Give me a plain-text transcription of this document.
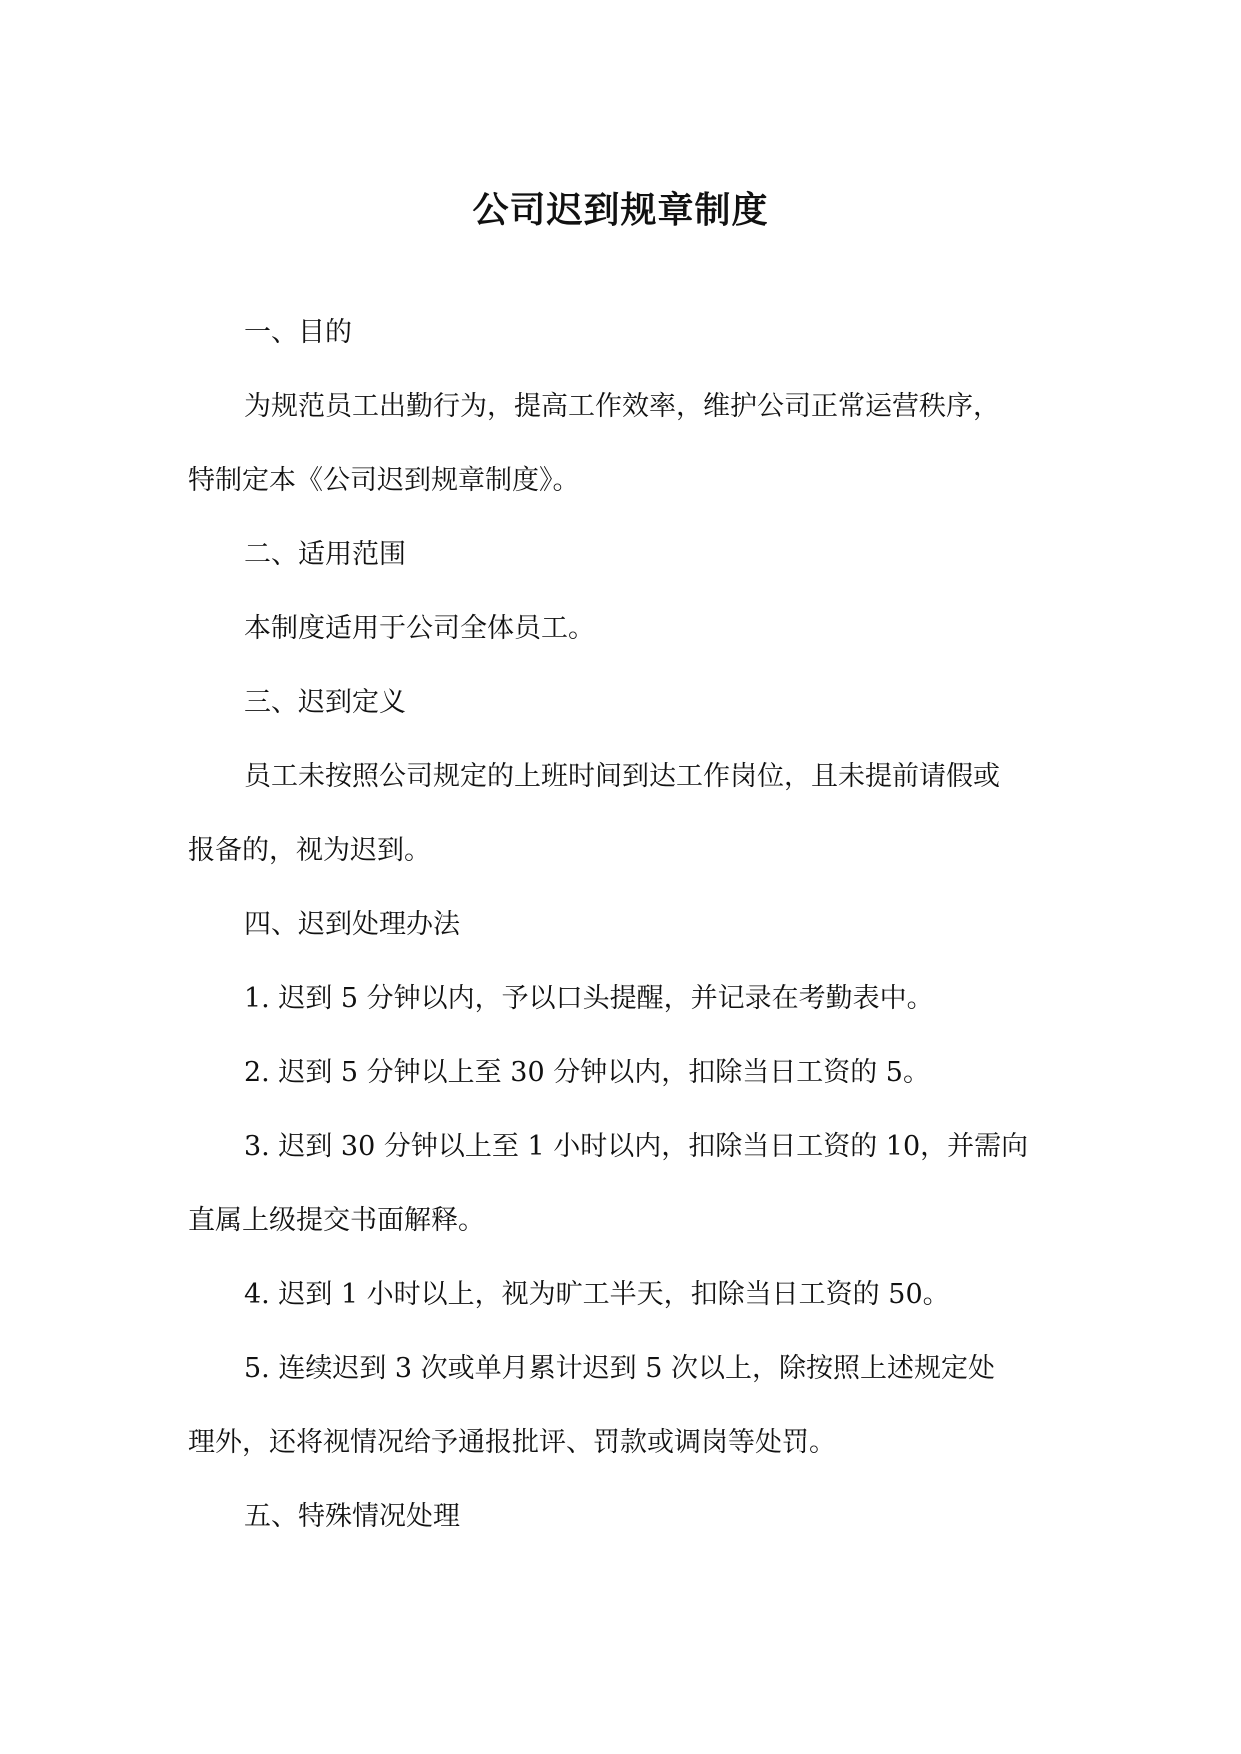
公司迟到规章制度
一、目的
为规范员工出勤行为，提高工作效率，维护公司正常运营秩序，
特制定本《公司迟到规章制度》。
二、适用范围
本制度适用于公司全体员工。
三、迟到定义
员工未按照公司规定的上班时间到达工作岗位，且未提前请假或
报备的，视为迟到。
四、迟到处理办法
1. 迟到 5 分钟以内，予以口头提醒，并记录在考勤表中。
2. 迟到 5 分钟以上至 30 分钟以内，扣除当日工资的 5。
3. 迟到 30 分钟以上至 1 小时以内，扣除当日工资的 10，并需向
直属上级提交书面解释。
4. 迟到 1 小时以上，视为旷工半天，扣除当日工资的 50。
5. 连续迟到 3 次或单月累计迟到 5 次以上，除按照上述规定处
理外，还将视情况给予通报批评、罚款或调岗等处罚。
五、特殊情况处理
